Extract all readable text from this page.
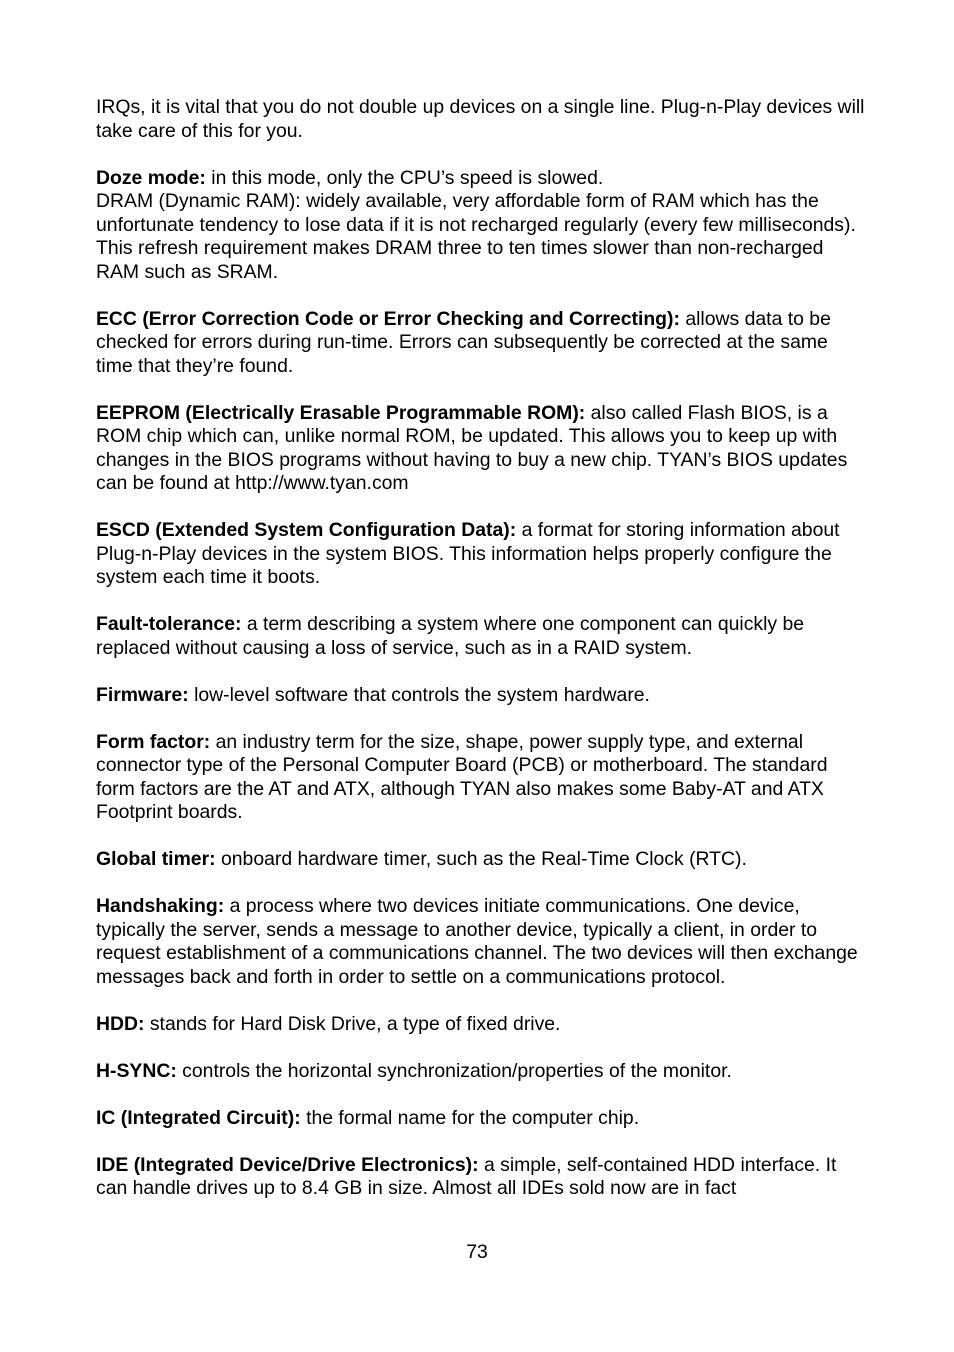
IRQs, it is vital that you do not double up devices on a single line. Plug-n-Play devices will take care of this for you.

Doze mode: in this mode, only the CPU’s speed is slowed.

DRAM (Dynamic RAM): widely available, very affordable form of RAM which has the unfortunate tendency to lose data if it is not recharged regularly (every few milliseconds). This refresh requirement makes DRAM three to ten times slower than non-recharged RAM such as SRAM.

ECC (Error Correction Code or Error Checking and Correcting): allows data to be checked for errors during run-time. Errors can subsequently be corrected at the same time that they’re found.

EEPROM (Electrically Erasable Programmable ROM): also called Flash BIOS, is a ROM chip which can, unlike normal ROM, be updated. This allows you to keep up with changes in the BIOS programs without having to buy a new chip. TYAN’s BIOS updates can be found at http://www.tyan.com

ESCD (Extended System Configuration Data): a format for storing information about Plug-n-Play devices in the system BIOS. This information helps properly configure the system each time it boots.

Fault-tolerance: a term describing a system where one component can quickly be replaced without causing a loss of service, such as in a RAID system.

Firmware: low-level software that controls the system hardware.

Form factor: an industry term for the size, shape, power supply type, and external connector type of the Personal Computer Board (PCB) or motherboard. The standard form factors are the AT and ATX, although TYAN also makes some Baby-AT and ATX Footprint boards.

Global timer: onboard hardware timer, such as the Real-Time Clock (RTC).

Handshaking: a process where two devices initiate communications. One device, typically the server, sends a message to another device, typically a client, in order to request establishment of a communications channel. The two devices will then exchange messages back and forth in order to settle on a communications protocol.

HDD: stands for Hard Disk Drive, a type of fixed drive.

H-SYNC: controls the horizontal synchronization/properties of the monitor.

IC (Integrated Circuit): the formal name for the computer chip.

IDE (Integrated Device/Drive Electronics): a simple, self-contained HDD interface. It can handle drives up to 8.4 GB in size. Almost all IDEs sold now are in fact

73
